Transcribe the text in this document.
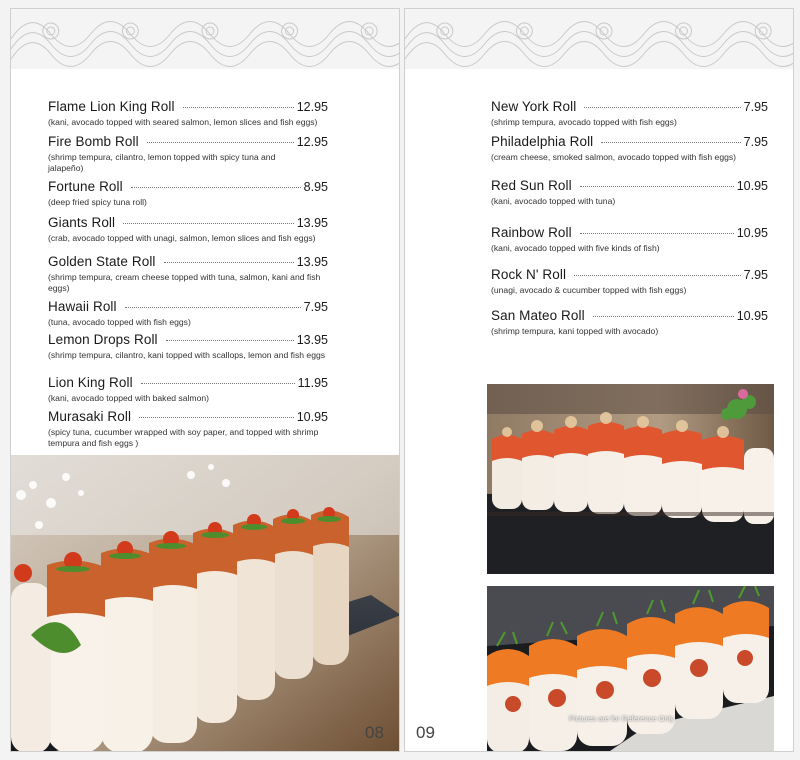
Flame Lion King Roll	12.95
(kani, avocado topped with seared salmon, lemon slices and fish eggs)
Fire Bomb Roll	12.95
(shrimp tempura, cilantro, lemon topped with spicy tuna and jalapeño)
Fortune Roll	8.95
(deep fried spicy tuna roll)
Giants Roll	13.95
(crab, avocado topped with unagi, salmon, lemon slices and fish eggs)
Golden State Roll	13.95
(shrimp tempura, cream cheese topped with tuna, salmon, kani and fish eggs)
Hawaii Roll	7.95
(tuna, avocado topped with fish eggs)
Lemon Drops Roll	13.95
(shrimp tempura, cilantro, kani topped with scallops, lemon and fish eggs
Lion King Roll	11.95
(kani, avocado topped with baked salmon)
Murasaki Roll	10.95
(spicy tuna, cucumber wrapped with soy paper, and topped with shrimp tempura and fish eggs )
08
New York Roll	7.95
(shrimp tempura, avocado topped with fish eggs)
Philadelphia Roll	7.95
(cream cheese, smoked salmon, avocado topped with fish eggs)
Red Sun Roll	10.95
(kani, avocado topped with tuna)
Rainbow Roll	10.95
(kani, avocado topped with five kinds of fish)
Rock N' Roll	7.95
(unagi, avocado & cucumber topped with fish eggs)
San Mateo Roll	10.95
(shrimp tempura, kani topped with avocado)
Pictures are for Reference Only
09
